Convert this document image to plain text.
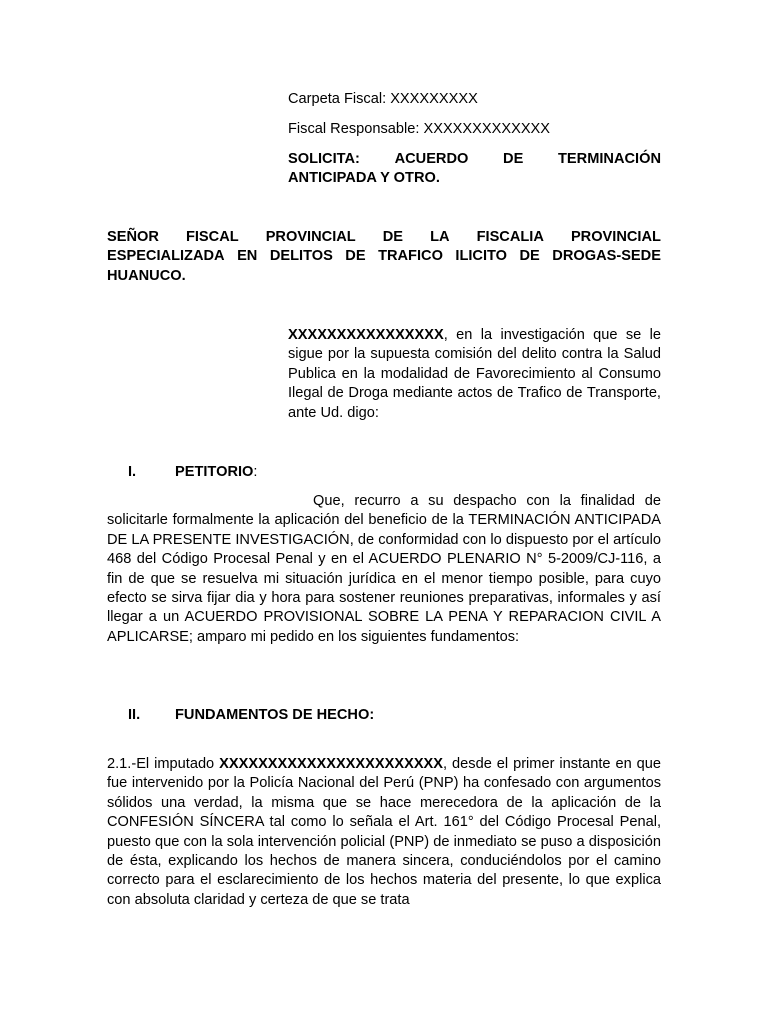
Carpeta Fiscal: XXXXXXXXX
Fiscal Responsable: XXXXXXXXXXXXX
SOLICITA: ACUERDO DE TERMINACIÓN
ANTICIPADA Y OTRO.
SEÑOR FISCAL PROVINCIAL DE LA FISCALIA PROVINCIAL
ESPECIALIZADA EN DELITOS DE TRAFICO ILICITO DE DROGAS-SEDE
HUANUCO.

XXXXXXXXXXXXXXXX, en la investigación que se le sigue por la supuesta comisión del delito contra la Salud Publica en la modalidad de Favorecimiento al Consumo Ilegal de Droga mediante actos de Trafico de Transporte, ante Ud. digo:

I.	PETITORIO:

Que, recurro a su despacho con la finalidad de solicitarle formalmente la aplicación del beneficio de la TERMINACIÓN ANTICIPADA DE LA PRESENTE INVESTIGACIÓN, de conformidad con lo dispuesto por el artículo 468 del Código Procesal Penal y en el ACUERDO PLENARIO N° 5-2009/CJ-116, a fin de que se resuelva mi situación jurídica en el menor tiempo posible, para cuyo efecto se sirva fijar dia y hora para sostener reuniones preparativas, informales y así llegar a un ACUERDO PROVISIONAL SOBRE LA PENA Y REPARACION CIVIL A APLICARSE; amparo mi pedido en los siguientes fundamentos:

II. FUNDAMENTOS DE HECHO:

2.1.-El imputado XXXXXXXXXXXXXXXXXXXXXXX, desde el primer instante en que fue intervenido por la Policía Nacional del Perú (PNP) ha confesado con argumentos sólidos una verdad, la misma que se hace merecedora de la aplicación de la CONFESIÓN SÍNCERA tal como lo señala el Art. 161° del Código Procesal Penal, puesto que con la sola intervención policial (PNP) de inmediato se puso a disposición de ésta, explicando los hechos de manera sincera, conduciéndolos por el camino correcto para el esclarecimiento de los hechos materia del presente, lo que explica con absoluta claridad y certeza de que se trata
